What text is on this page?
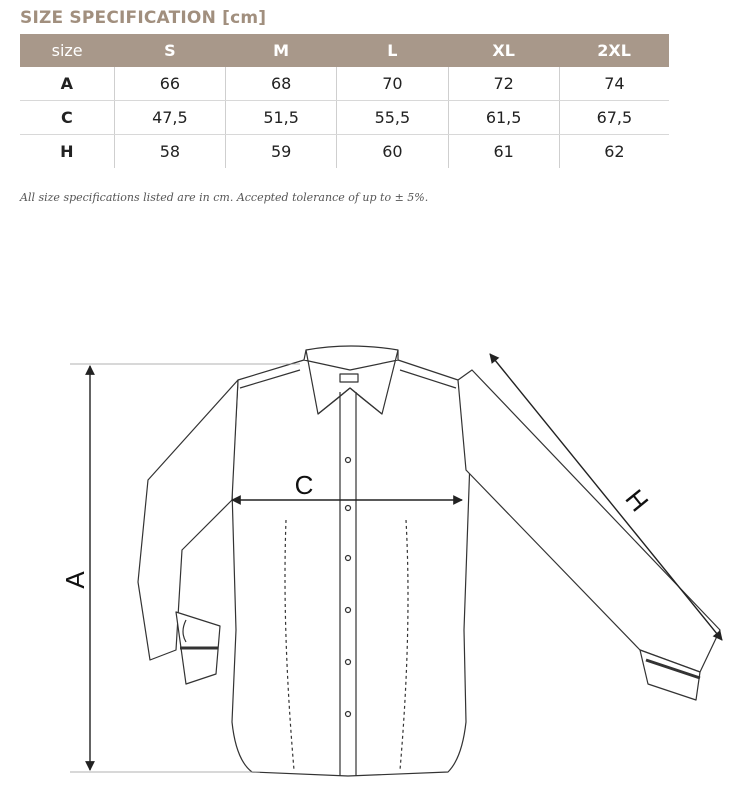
SIZE SPECIFICATION [cm]
size	S	M	L	XL	2XL
A	66	68	70	72	74
C	47,5	51,5	55,5	61,5	67,5
H	58	59	60	61	62
All size specifications listed are in cm. Accepted tolerance of up to ± 5%.
A
C	H
